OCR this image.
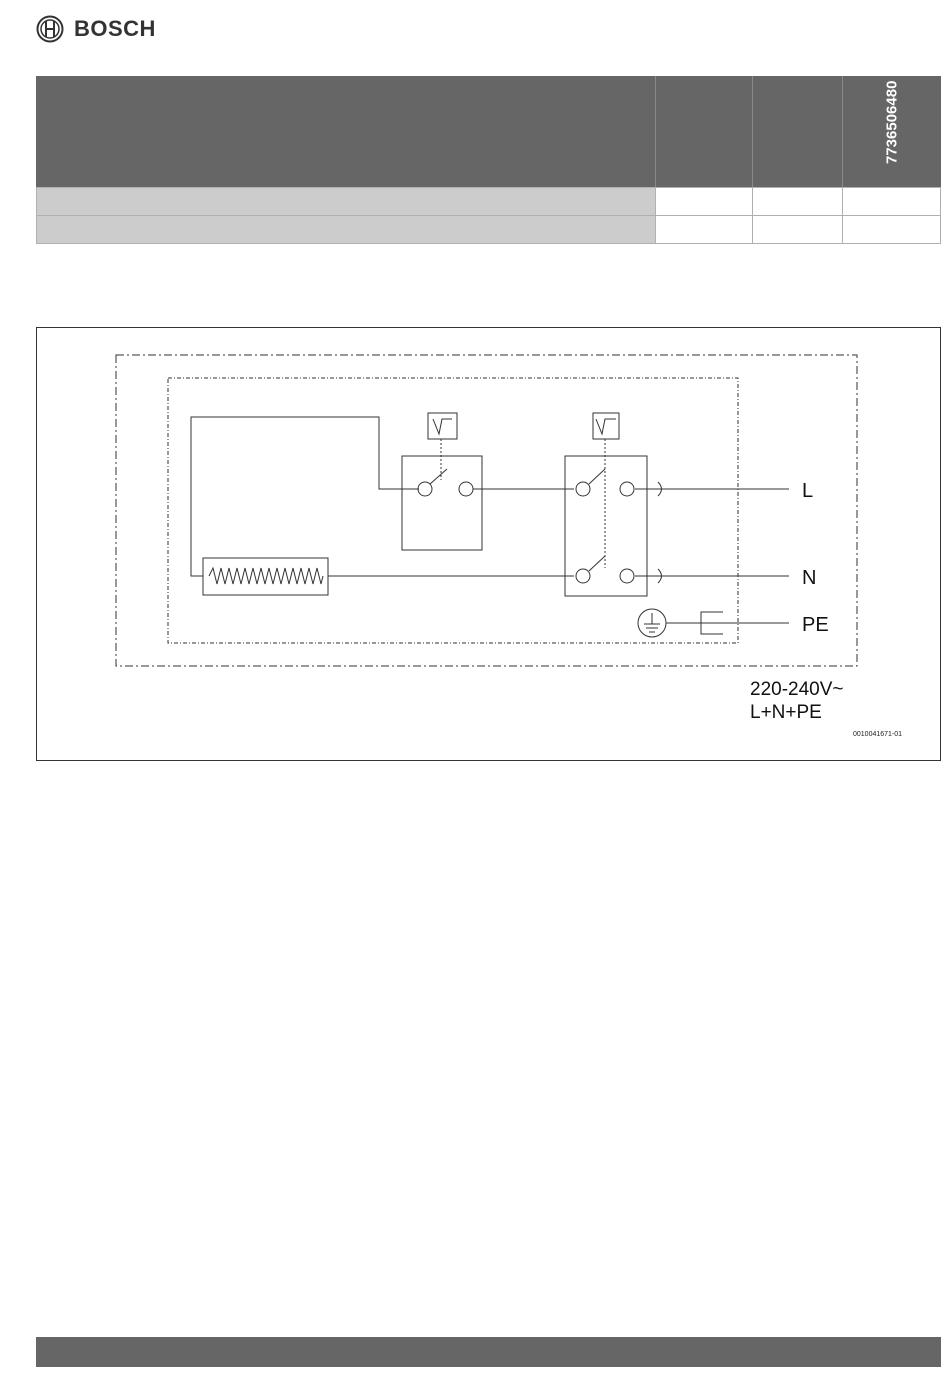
BOSCH
7736506480
L
N
PE
220-240V~
L+N+PE
0010041671-01
